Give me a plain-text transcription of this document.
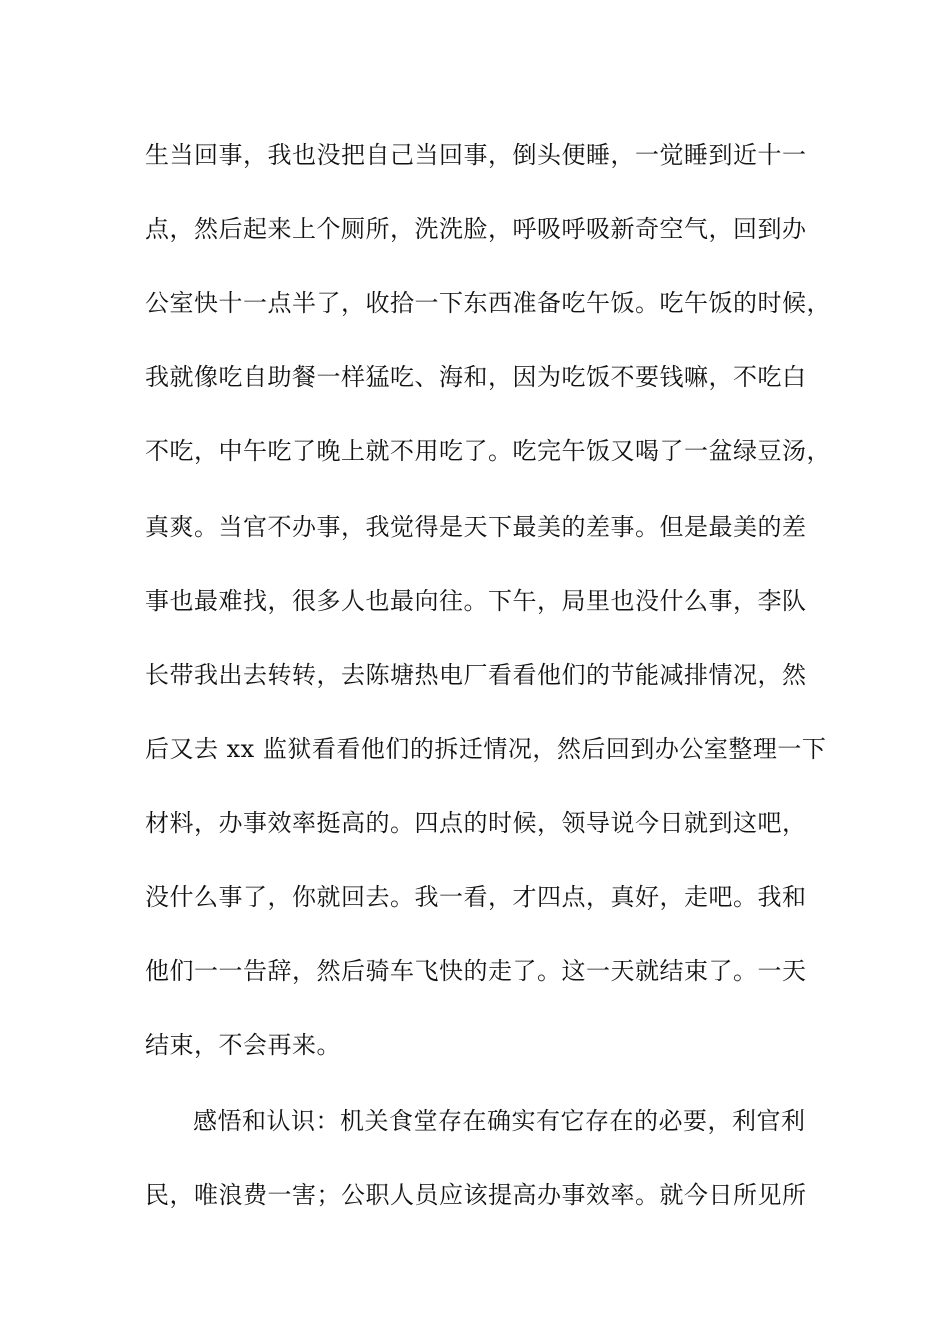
生当回事，我也没把自己当回事，倒头便睡，一觉睡到近十一
点，然后起来上个厕所，洗洗脸，呼吸呼吸新奇空气，回到办
公室快十一点半了，收拾一下东西准备吃午饭。吃午饭的时候，
我就像吃自助餐一样猛吃、海和，因为吃饭不要钱嘛，不吃白
不吃，中午吃了晚上就不用吃了。吃完午饭又喝了一盆绿豆汤，
真爽。当官不办事，我觉得是天下最美的差事。但是最美的差
事也最难找，很多人也最向往。下午，局里也没什么事，李队
长带我出去转转，去陈塘热电厂看看他们的节能减排情况，然
后又去 xx 监狱看看他们的拆迁情况，然后回到办公室整理一下
材料，办事效率挺高的。四点的时候，领导说今日就到这吧，
没什么事了，你就回去。我一看，才四点，真好，走吧。我和
他们一一告辞，然后骑车飞快的走了。这一天就结束了。一天
结束，不会再来。
感悟和认识：机关食堂存在确实有它存在的必要，利官利
民，唯浪费一害；公职人员应该提高办事效率。就今日所见所
